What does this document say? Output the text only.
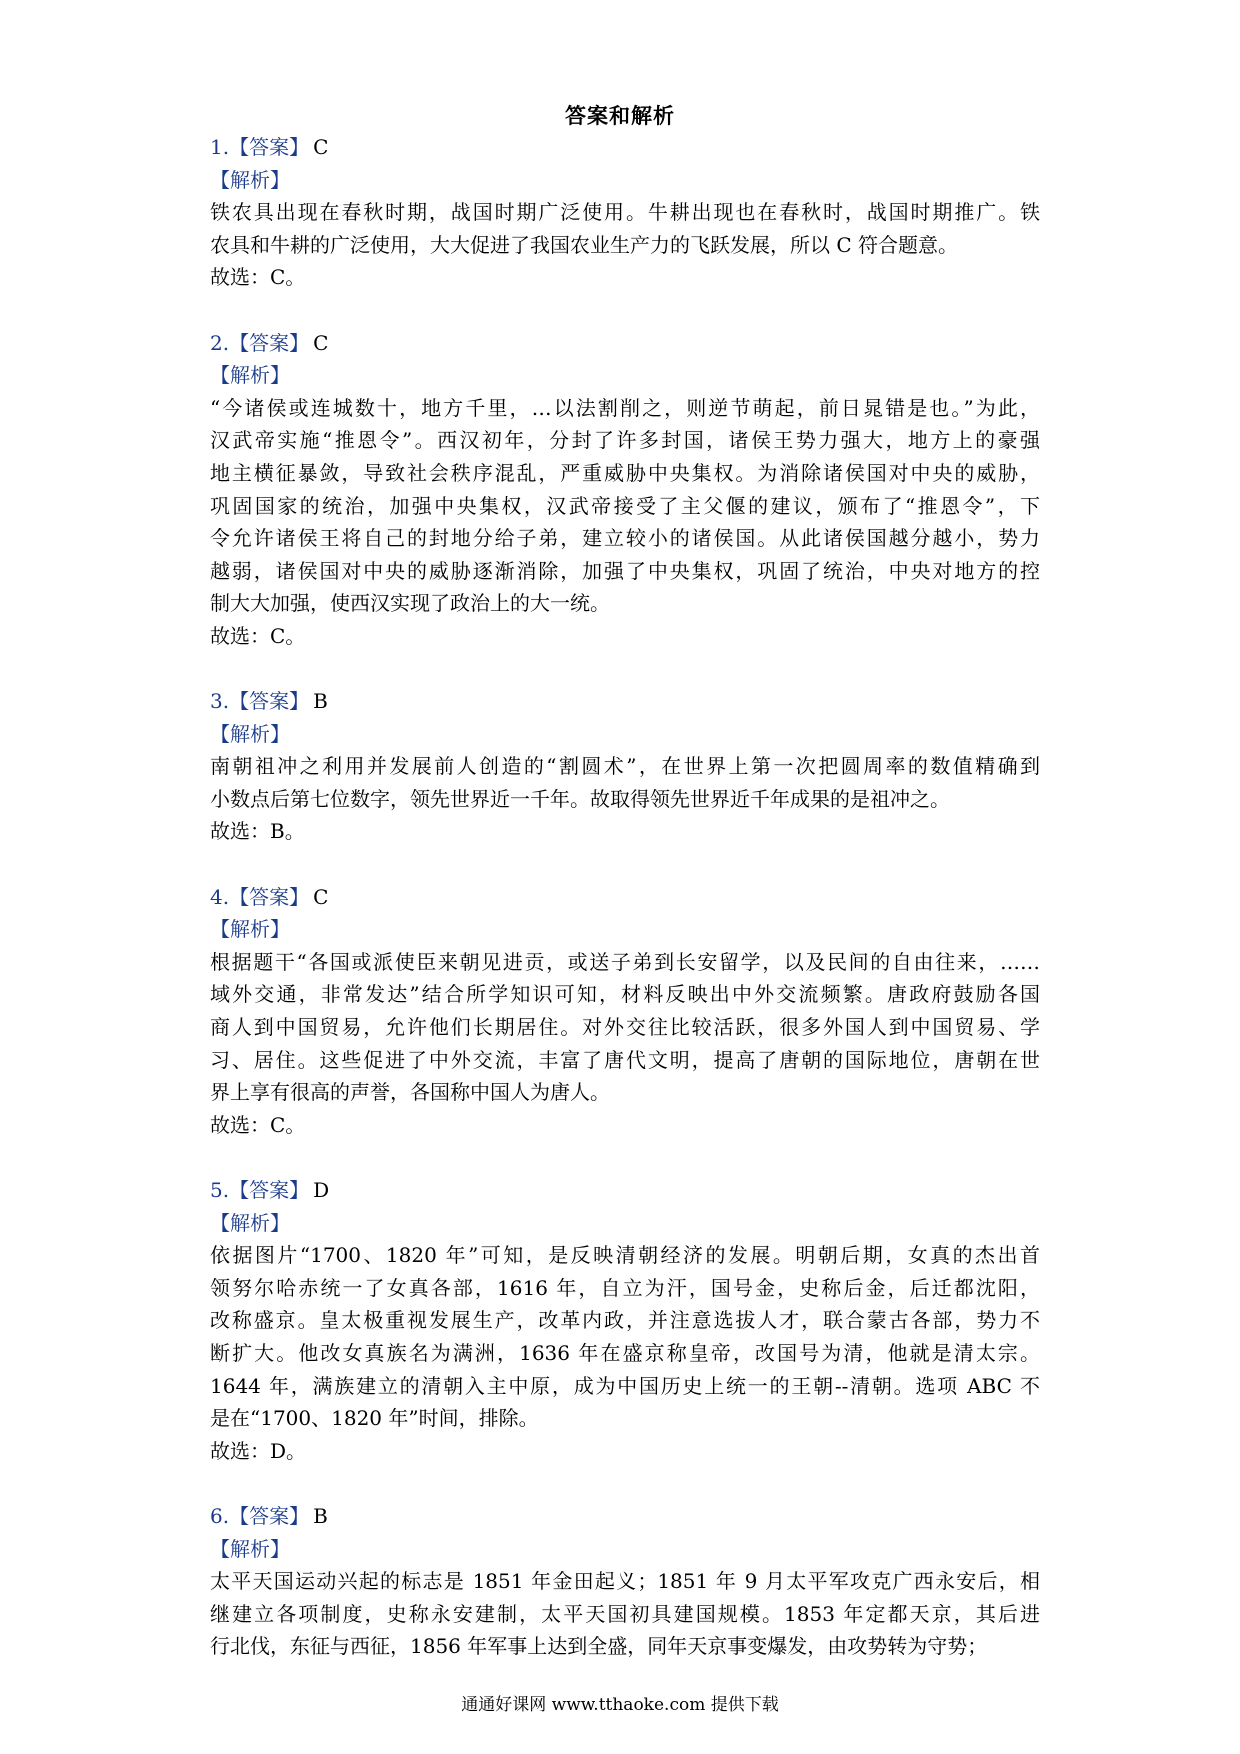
答案和解析
1.【答案】 C
【解析】
铁农具出现在春秋时期，战国时期广泛使用。牛耕出现也在春秋时，战国时期推广。铁
农具和牛耕的广泛使用，大大促进了我国农业生产力的飞跃发展，所以 C 符合题意。
故选：C。
2.【答案】 C
【解析】
“今诸侯或连城数十，地方千里，…以法割削之，则逆节萌起，前日晁错是也。”为此，
汉武帝实施“推恩令”。西汉初年，分封了许多封国，诸侯王势力强大，地方上的豪强
地主横征暴敛，导致社会秩序混乱，严重威胁中央集权。为消除诸侯国对中央的威胁，
巩固国家的统治，加强中央集权，汉武帝接受了主父偃的建议，颁布了“推恩令”，下
令允许诸侯王将自己的封地分给子弟，建立较小的诸侯国。从此诸侯国越分越小，势力
越弱，诸侯国对中央的威胁逐渐消除，加强了中央集权，巩固了统治，中央对地方的控
制大大加强，使西汉实现了政治上的大一统。
故选：C。
3.【答案】 B
【解析】
南朝祖冲之利用并发展前人创造的“割圆术”，在世界上第一次把圆周率的数值精确到
小数点后第七位数字，领先世界近一千年。故取得领先世界近千年成果的是祖冲之。
故选：B。
4.【答案】 C
【解析】
根据题干“各国或派使臣来朝见进贡，或送子弟到长安留学，以及民间的自由往来，……
域外交通，非常发达”结合所学知识可知，材料反映出中外交流频繁。唐政府鼓励各国
商人到中国贸易，允许他们长期居住。对外交往比较活跃，很多外国人到中国贸易、学
习、居住。这些促进了中外交流，丰富了唐代文明，提高了唐朝的国际地位，唐朝在世
界上享有很高的声誉，各国称中国人为唐人。
故选：C。
5.【答案】 D
【解析】
依据图片“1700、1820 年”可知，是反映清朝经济的发展。明朝后期，女真的杰出首
领努尔哈赤统一了女真各部，1616 年，自立为汗，国号金，史称后金，后迁都沈阳，
改称盛京。皇太极重视发展生产，改革内政，并注意选拔人才，联合蒙古各部，势力不
断扩大。他改女真族名为满洲，1636 年在盛京称皇帝，改国号为清，他就是清太宗。
1644 年，满族建立的清朝入主中原，成为中国历史上统一的王朝--清朝。选项 ABC 不
是在“1700、1820 年”时间，排除。
故选：D。
6.【答案】 B
【解析】
太平天国运动兴起的标志是 1851 年金田起义；1851 年 9 月太平军攻克广西永安后，相
继建立各项制度，史称永安建制，太平天国初具建国规模。1853 年定都天京，其后进
行北伐，东征与西征，1856 年军事上达到全盛，同年天京事变爆发，由攻势转为守势；
通通好课网 www.tthaoke.com 提供下载
